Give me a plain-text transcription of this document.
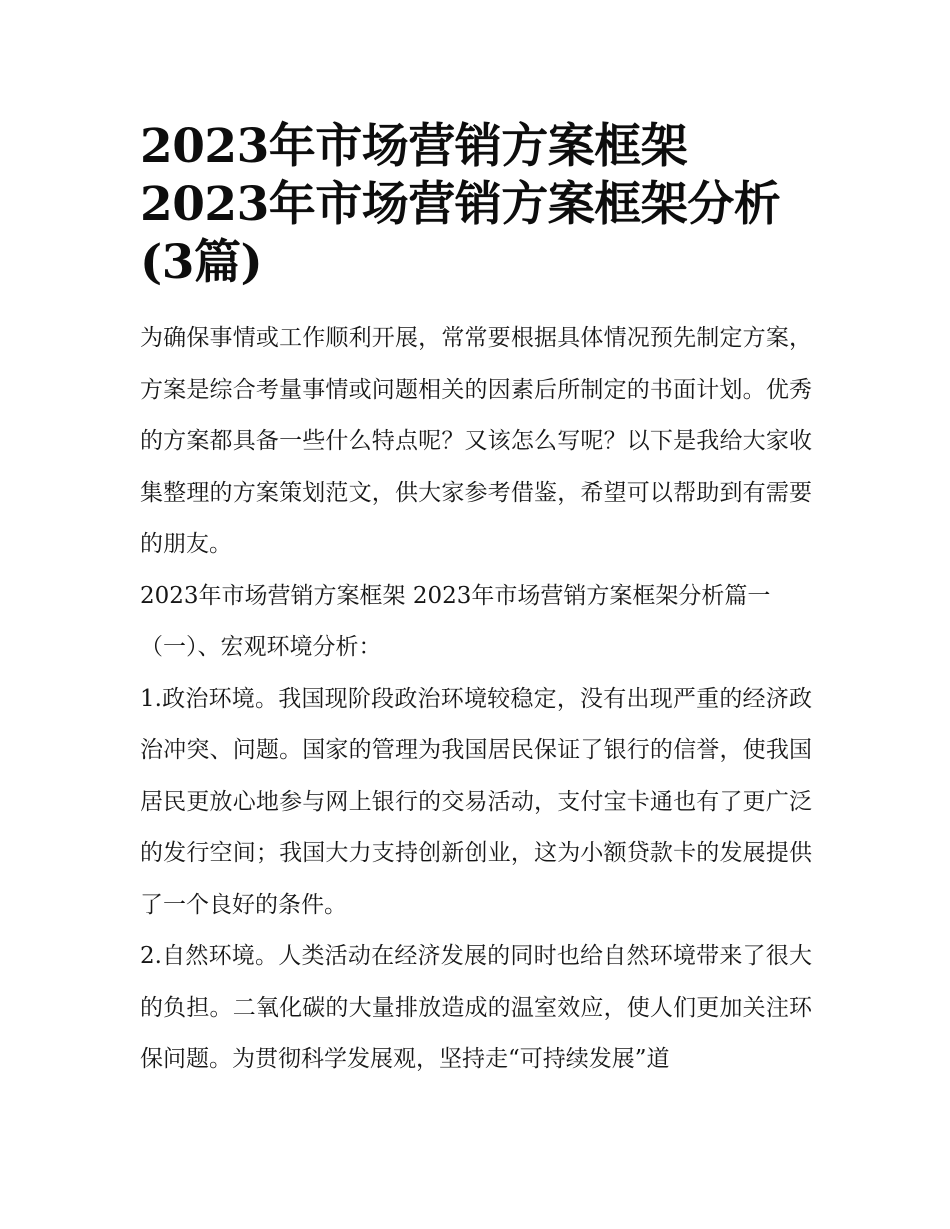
2023年市场营销方案框架
2023年市场营销方案框架分析
(3篇)

为确保事情或工作顺利开展，常常要根据具体情况预先制定方案，方案是综合考量事情或问题相关的因素后所制定的书面计划。优秀的方案都具备一些什么特点呢？又该怎么写呢？以下是我给大家收集整理的方案策划范文，供大家参考借鉴，希望可以帮助到有需要的朋友。

2023年市场营销方案框架 2023年市场营销方案框架分析篇一

（一）、宏观环境分析：

1.政治环境。我国现阶段政治环境较稳定，没有出现严重的经济政治冲突、问题。国家的管理为我国居民保证了银行的信誉，使我国居民更放心地参与网上银行的交易活动，支付宝卡通也有了更广泛的发行空间；我国大力支持创新创业，这为小额贷款卡的发展提供了一个良好的条件。

2.自然环境。人类活动在经济发展的同时也给自然环境带来了很大的负担。二氧化碳的大量排放造成的温室效应，使人们更加关注环保问题。为贯彻科学发展观，坚持走“可持续发展”道
